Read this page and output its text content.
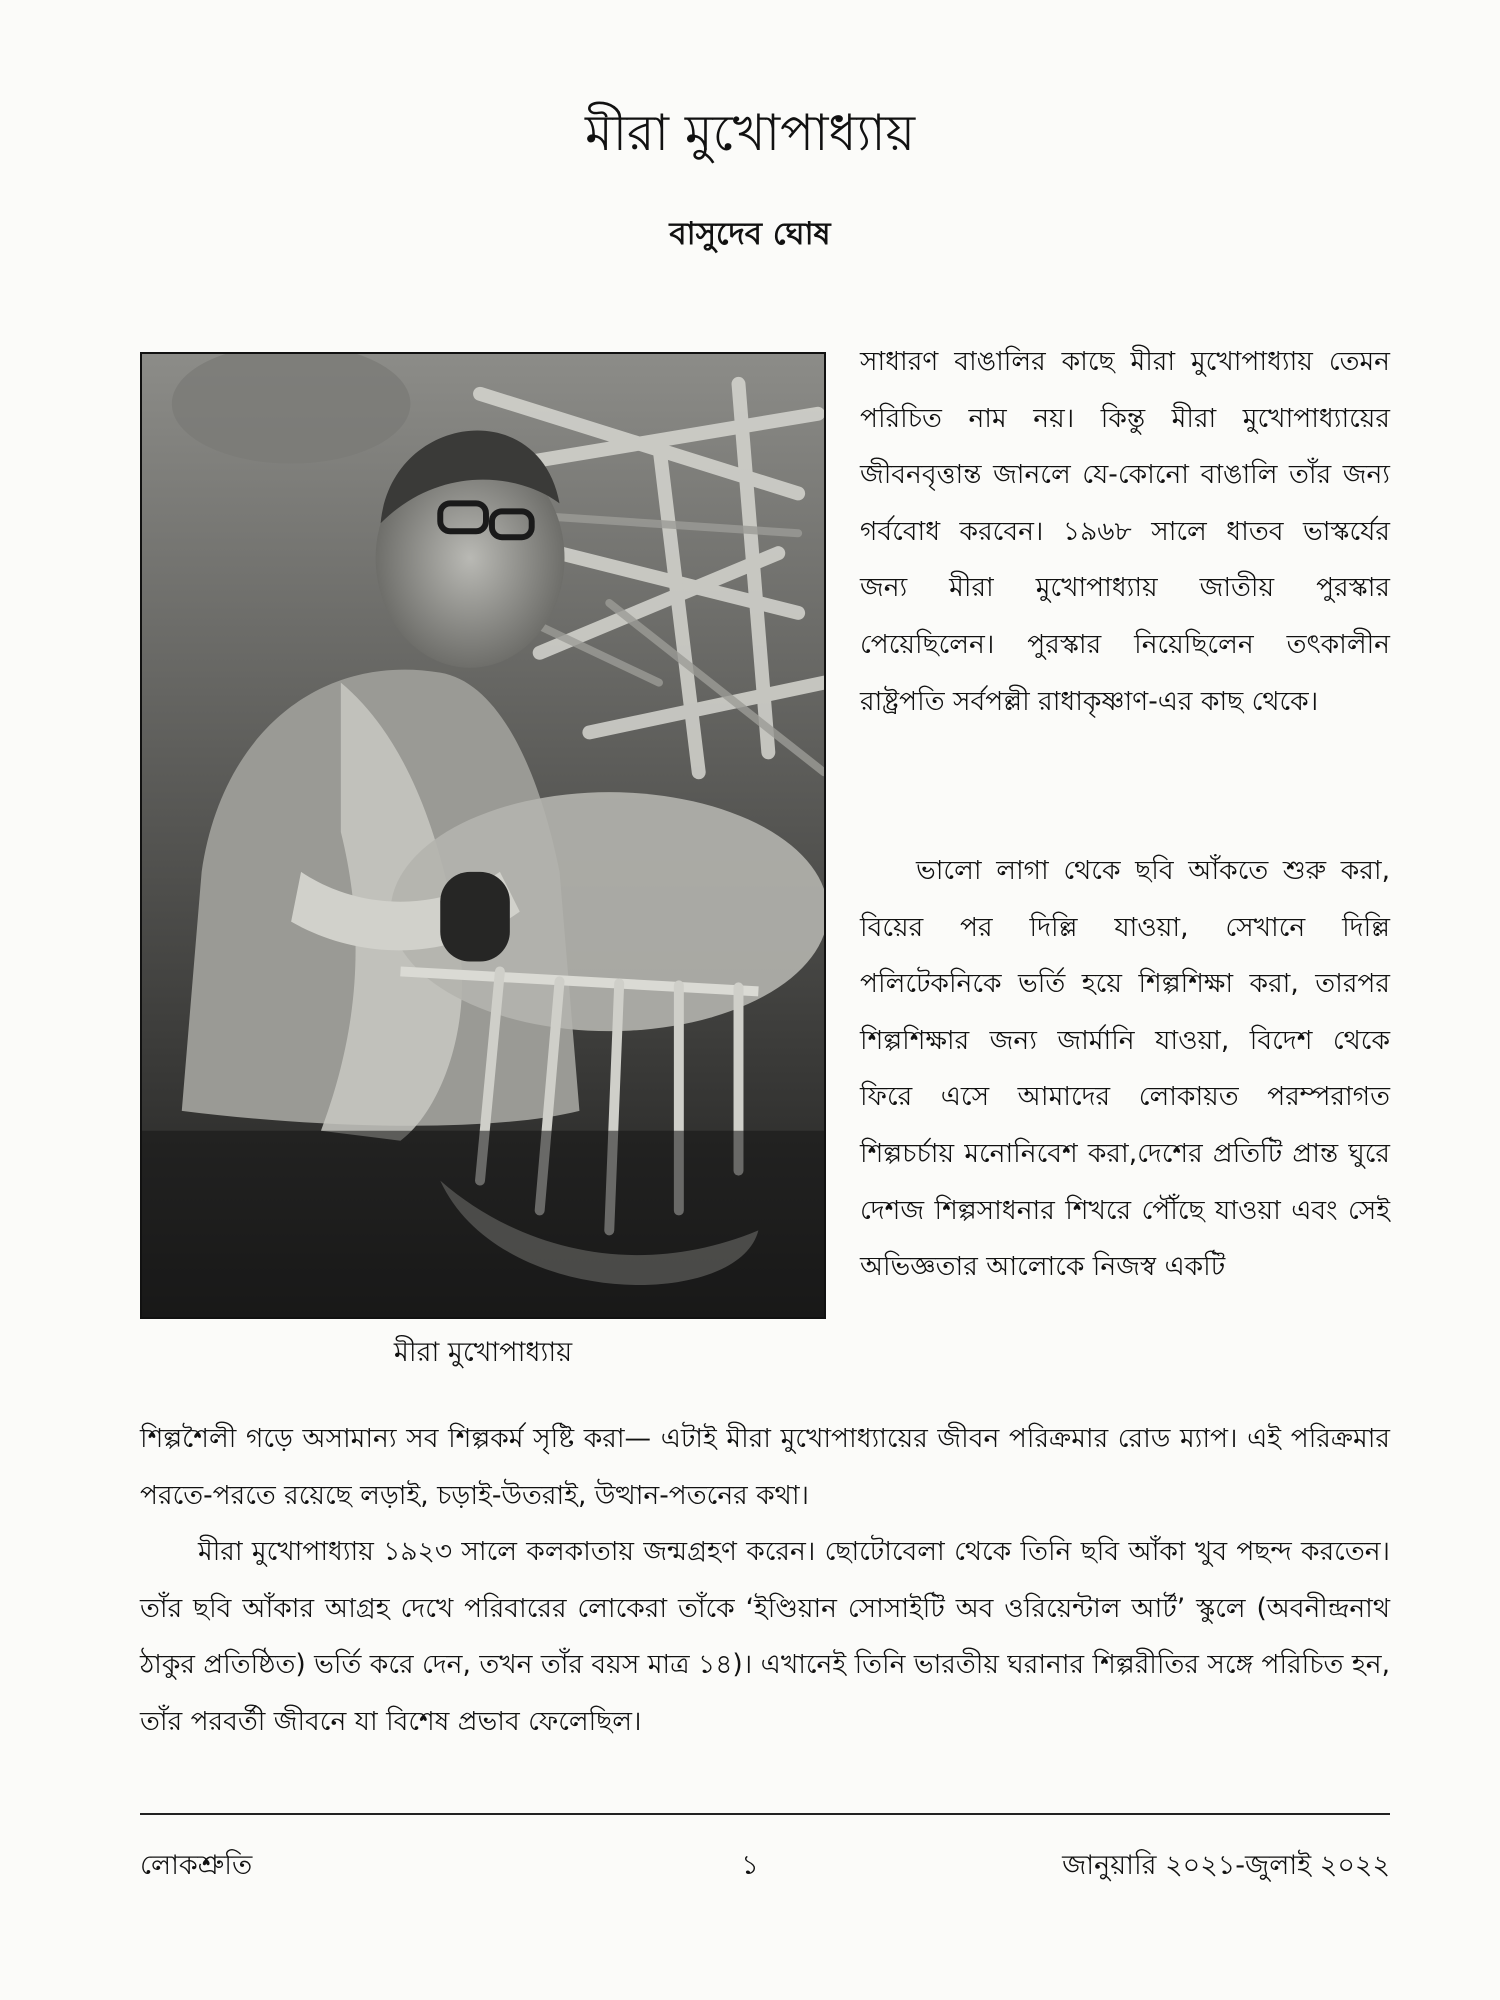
মীরা মুখোপাধ্যায়
বাসুদেব ঘোষ
মীরা মুখোপাধ্যায়

সাধারণ বাঙালির কাছে মীরা মুখোপাধ্যায় তেমন পরিচিত নাম নয়। কিন্তু মীরা মুখোপাধ্যায়ের জীবনবৃত্তান্ত জানলে যে-কোনো বাঙালি তাঁর জন্য গর্ববোধ করবেন। ১৯৬৮ সালে ধাতব ভাস্কর্যের জন্য মীরা মুখোপাধ্যায় জাতীয় পুরস্কার পেয়েছিলেন। পুরস্কার নিয়েছিলেন তৎকালীন রাষ্ট্রপতি সর্বপল্লী রাধাকৃষ্ণাণ-এর কাছ থেকে।

ভালো লাগা থেকে ছবি আঁকতে শুরু করা, বিয়ের পর দিল্লি যাওয়া, সেখানে দিল্লি পলিটেকনিকে ভর্তি হয়ে শিল্পশিক্ষা করা, তারপর শিল্পশিক্ষার জন্য জার্মানি যাওয়া, বিদেশ থেকে ফিরে এসে আমাদের লোকায়ত পরম্পরাগত শিল্পচর্চায় মনোনিবেশ করা,দেশের প্রতিটি প্রান্ত ঘুরে দেশজ শিল্পসাধনার শিখরে পৌঁছে যাওয়া এবং সেই অভিজ্ঞতার আলোকে নিজস্ব একটি

শিল্পশৈলী গড়ে অসামান্য সব শিল্পকর্ম সৃষ্টি করা— এটাই মীরা মুখোপাধ্যায়ের জীবন পরিক্রমার রোড ম্যাপ। এই পরিক্রমার পরতে-পরতে রয়েছে লড়াই, চড়াই-উতরাই, উত্থান-পতনের কথা।

মীরা মুখোপাধ্যায় ১৯২৩ সালে কলকাতায় জন্মগ্রহণ করেন। ছোটোবেলা থেকে তিনি ছবি আঁকা খুব পছন্দ করতেন। তাঁর ছবি আঁকার আগ্রহ দেখে পরিবারের লোকেরা তাঁকে ‘ইণ্ডিয়ান সোসাইটি অব ওরিয়েন্টাল আর্ট’ স্কুলে (অবনীন্দ্রনাথ ঠাকুর প্রতিষ্ঠিত) ভর্তি করে দেন, তখন তাঁর বয়স মাত্র ১৪)। এখানেই তিনি ভারতীয় ঘরানার শিল্পরীতির সঙ্গে পরিচিত হন, তাঁর পরবর্তী জীবনে যা বিশেষ প্রভাব ফেলেছিল।

লোকশ্রুতি	১	জানুয়ারি ২০২১-জুলাই ২০২২
